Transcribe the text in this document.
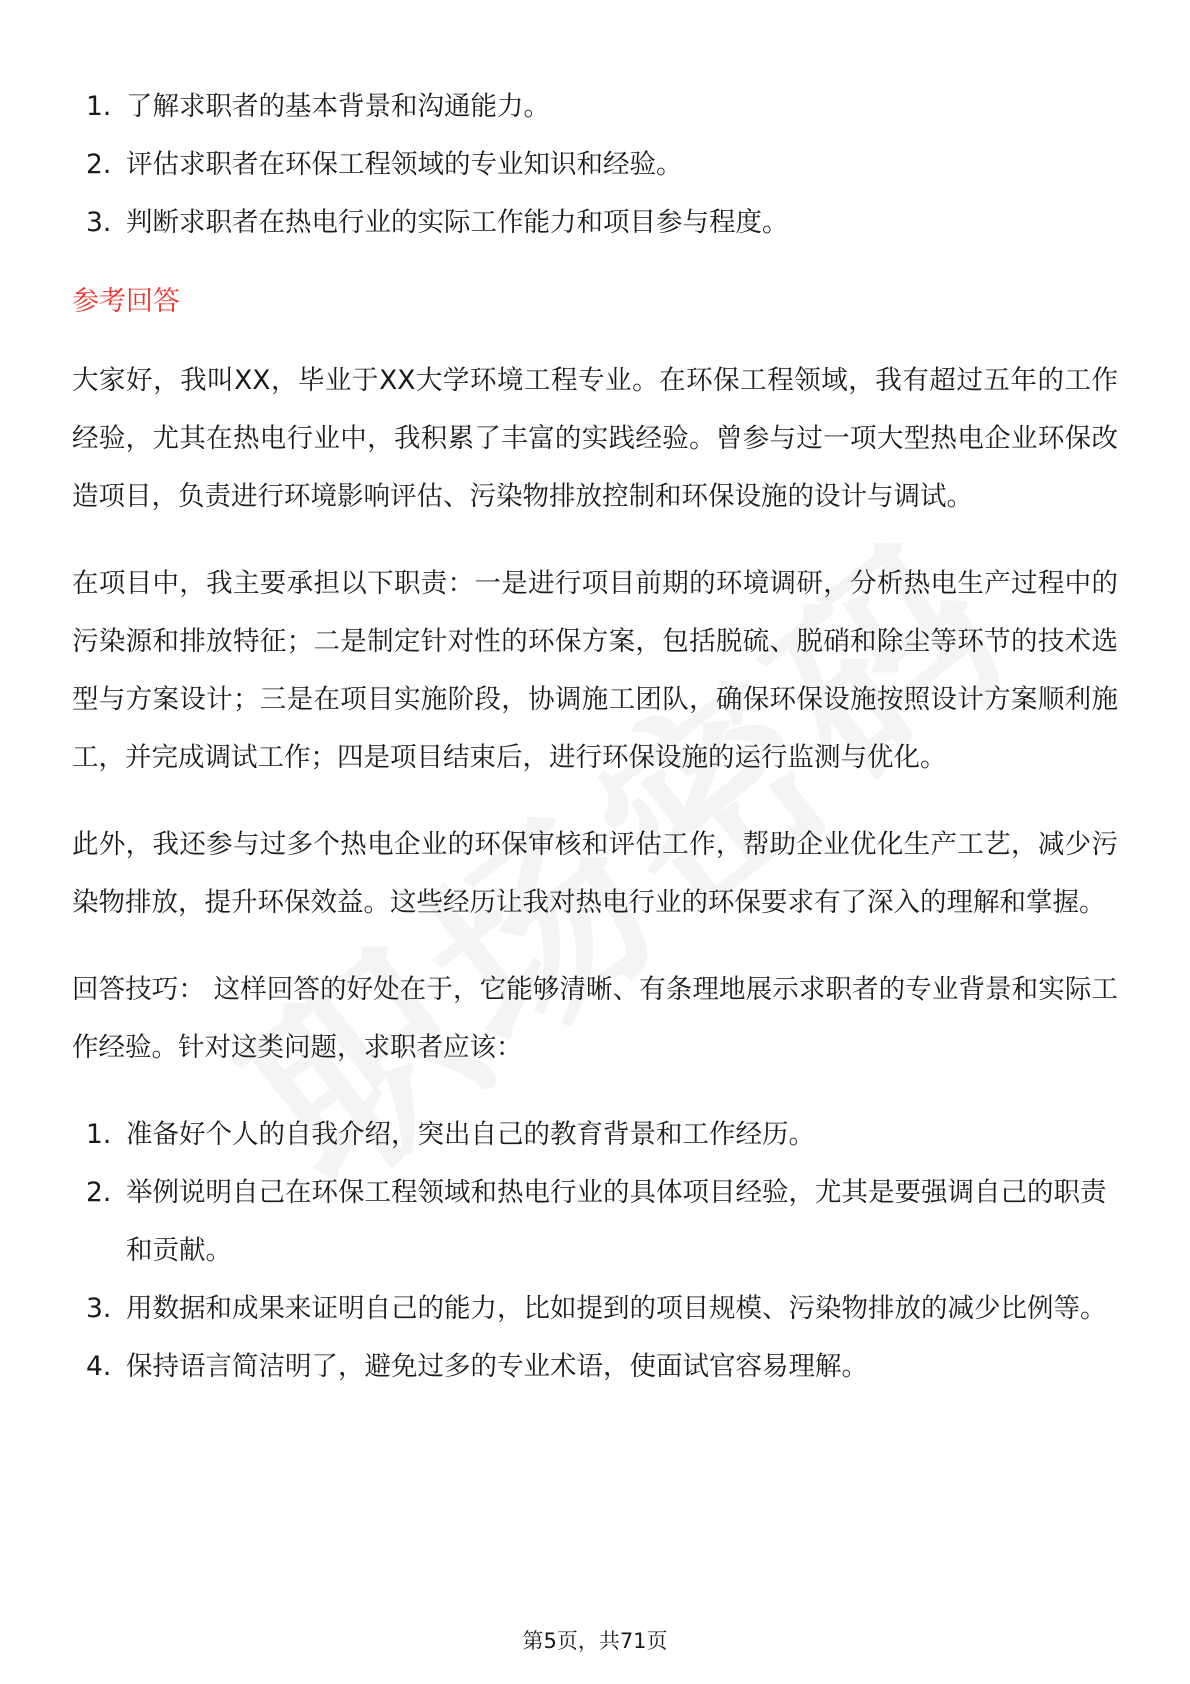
1. 了解求职者的基本背景和沟通能力。
2. 评估求职者在环保工程领域的专业知识和经验。
3. 判断求职者在热电行业的实际工作能力和项目参与程度。
参考回答

大家好，我叫XX，毕业于XX大学环境工程专业。在环保工程领域，我有超过五年的工作经验，尤其在热电行业中，我积累了丰富的实践经验。曾参与过一项大型热电企业环保改造项目，负责进行环境影响评估、污染物排放控制和环保设施的设计与调试。

在项目中，我主要承担以下职责：一是进行项目前期的环境调研，分析热电生产过程中的污染源和排放特征；二是制定针对性的环保方案，包括脱硫、脱硝和除尘等环节的技术选型与方案设计；三是在项目实施阶段，协调施工团队，确保环保设施按照设计方案顺利施工，并完成调试工作；四是项目结束后，进行环保设施的运行监测与优化。

此外，我还参与过多个热电企业的环保审核和评估工作，帮助企业优化生产工艺，减少污染物排放，提升环保效益。这些经历让我对热电行业的环保要求有了深入的理解和掌握。

回答技巧： 这样回答的好处在于，它能够清晰、有条理地展示求职者的专业背景和实际工作经验。针对这类问题，求职者应该：

1. 准备好个人的自我介绍，突出自己的教育背景和工作经历。
2. 举例说明自己在环保工程领域和热电行业的具体项目经验，尤其是要强调自己的职责和贡献。
3. 用数据和成果来证明自己的能力，比如提到的项目规模、污染物排放的减少比例等。
4. 保持语言简洁明了，避免过多的专业术语，使面试官容易理解。
第5页，共71页
